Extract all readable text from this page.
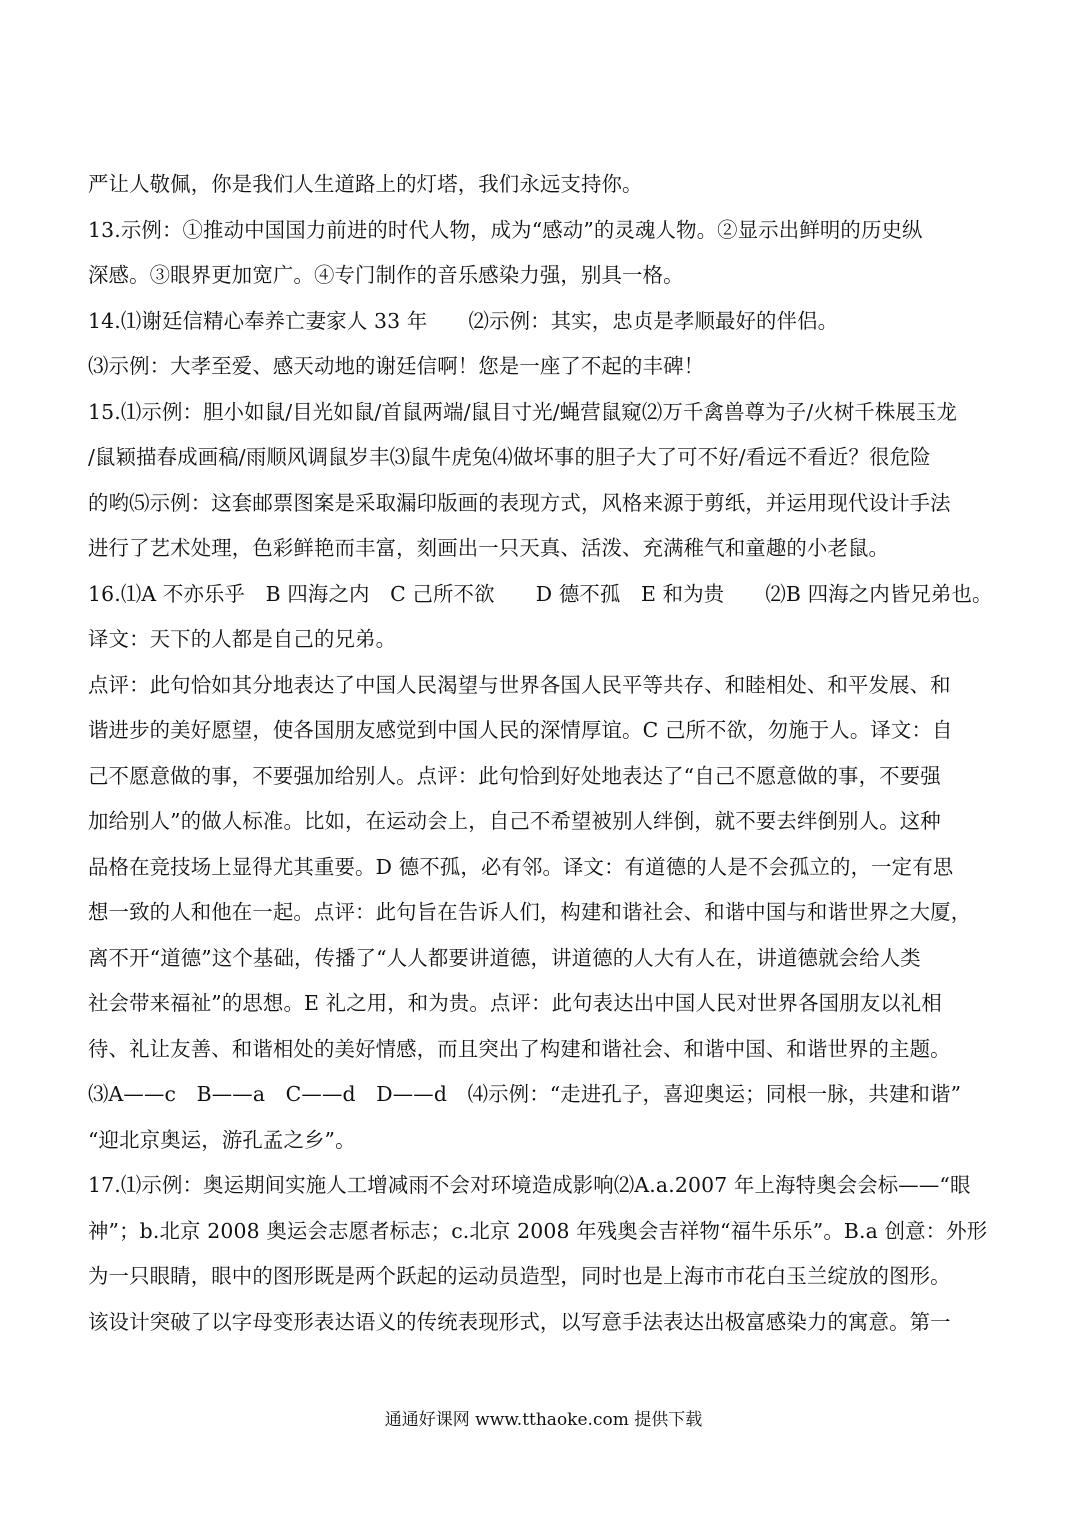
严让人敬佩，你是我们人生道路上的灯塔，我们永远支持你。
13.示例：①推动中国国力前进的时代人物，成为“感动”的灵魂人物。②显示出鲜明的历史纵
深感。③眼界更加宽广。④专门制作的音乐感染力强，别具一格。
14.⑴谢廷信精心奉养亡妻家人 33 年　　⑵示例：其实，忠贞是孝顺最好的伴侣。
⑶示例：大孝至爱、感天动地的谢廷信啊！您是一座了不起的丰碑！
15.⑴示例：胆小如鼠/目光如鼠/首鼠两端/鼠目寸光/蝇营鼠窥⑵万千禽兽尊为子/火树千株展玉龙
/鼠颖描春成画稿/雨顺风调鼠岁丰⑶鼠牛虎兔⑷做坏事的胆子大了可不好/看远不看近？很危险
的哟⑸示例：这套邮票图案是采取漏印版画的表现方式，风格来源于剪纸，并运用现代设计手法
进行了艺术处理，色彩鲜艳而丰富，刻画出一只天真、活泼、充满稚气和童趣的小老鼠。
16.⑴A 不亦乐乎　B 四海之内　C 己所不欲　　D 德不孤　E 和为贵　　⑵B 四海之内皆兄弟也。
译文：天下的人都是自己的兄弟。
点评：此句恰如其分地表达了中国人民渴望与世界各国人民平等共存、和睦相处、和平发展、和
谐进步的美好愿望，使各国朋友感觉到中国人民的深情厚谊。C 己所不欲，勿施于人。译文：自
己不愿意做的事，不要强加给别人。点评：此句恰到好处地表达了“自己不愿意做的事，不要强
加给别人”的做人标准。比如，在运动会上，自己不希望被别人绊倒，就不要去绊倒别人。这种
品格在竞技场上显得尤其重要。D 德不孤，必有邻。译文：有道德的人是不会孤立的，一定有思
想一致的人和他在一起。点评：此句旨在告诉人们，构建和谐社会、和谐中国与和谐世界之大厦，
离不开“道德”这个基础，传播了“人人都要讲道德，讲道德的人大有人在，讲道德就会给人类
社会带来福祉”的思想。E 礼之用，和为贵。点评：此句表达出中国人民对世界各国朋友以礼相
待、礼让友善、和谐相处的美好情感，而且突出了构建和谐社会、和谐中国、和谐世界的主题。
⑶A——c　B——a　C——d　D——d　⑷示例：“走进孔子，喜迎奥运；同根一脉，共建和谐”
“迎北京奥运，游孔孟之乡”。
17.⑴示例：奥运期间实施人工增减雨不会对环境造成影响⑵A.a.2007 年上海特奥会会标——“眼
神”；b.北京 2008 奥运会志愿者标志；c.北京 2008 年残奥会吉祥物“福牛乐乐”。B.a 创意：外形
为一只眼睛，眼中的图形既是两个跃起的运动员造型，同时也是上海市市花白玉兰绽放的图形。
该设计突破了以字母变形表达语义的传统表现形式，以写意手法表达出极富感染力的寓意。第一
通通好课网 www.tthaoke.com 提供下载
